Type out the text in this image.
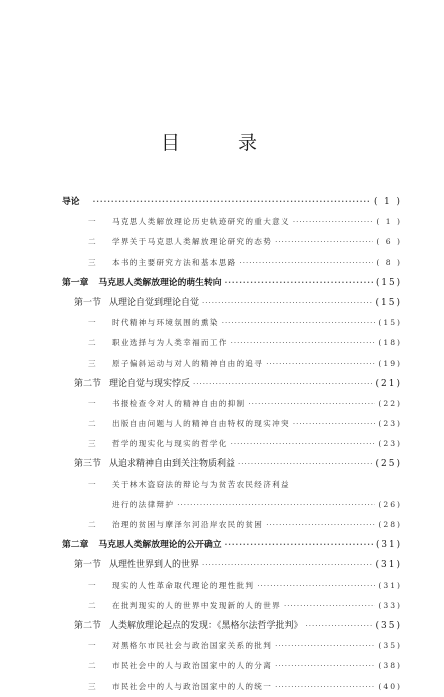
目 录
导论 ·····	( 1 )
一 马克思人类解放理论历史轨迹研究的重大意义 ·····	( 1 )
二 学界关于马克思人类解放理论研究的态势 ·····	( 6 )
三 本书的主要研究方法和基本思路 ·····	( 8 )
第一章 马克思人类解放理论的萌生转向 ·····	(15)
第一节 从理论自觉到理论自觉 ·····	(15)
一 时代精神与环境氛围的熏染 ·····	(15)
二 职业选择与为人类幸福而工作 ·····	(18)
三 原子偏斜运动与对人的精神自由的追寻 ·····	(19)
第二节 理论自觉与现实悖反 ·····	(21)
一 书报检查令对人的精神自由的抑制 ·····	(22)
二 出版自由问题与人的精神自由特权的现实冲突 ·····	(23)
三 哲学的现实化与现实的哲学化 ·····	(23)
第三节 从追求精神自由到关注物质利益 ·····	(25)
一 关于林木盗窃法的辩论与为贫苦农民经济利益
进行的法律辩护 ·····	(26)
二 治理的贫困与摩泽尔河沿岸农民的贫困 ·····	(28)
第二章 马克思人类解放理论的公开确立 ·····	(31)
第一节 从理性世界到人的世界 ·····	(31)
一 现实的人性革命取代理论的理性批判 ·····	(31)
二 在批判现实的人的世界中发现新的人的世界 ·····	(33)
第二节 人类解放理论起点的发现：《黑格尔法哲学批判》 ·····	(35)
一 对黑格尔市民社会与政治国家关系的批判 ·····	(35)
二 市民社会中的人与政治国家中的人的分离 ·····	(38)
三 市民社会中的人与政治国家中的人的统一 ·····	(40)
